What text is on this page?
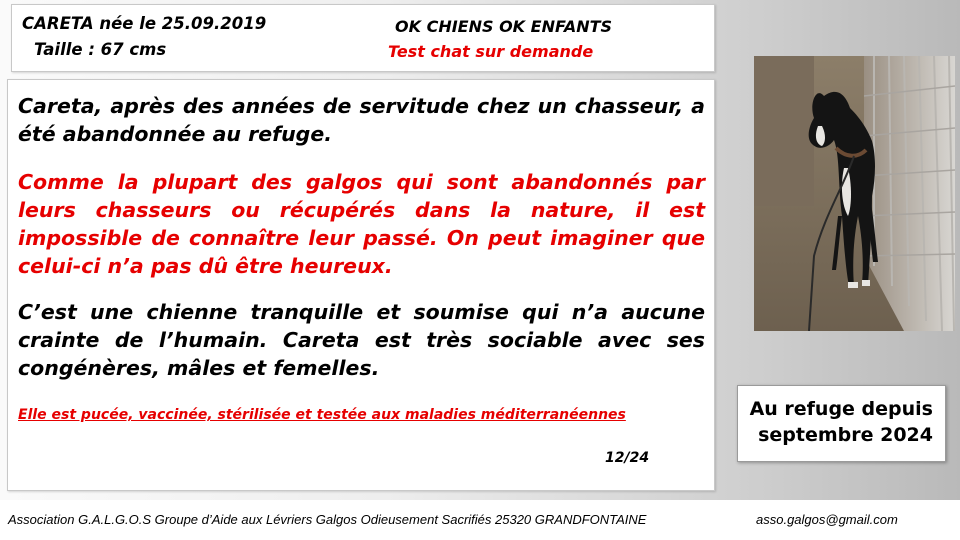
CARETA née le 25.09.2019
Taille : 67 cms
OK CHIENS OK ENFANTS
Test chat sur demande
Careta, après des années de servitude chez un chasseur, a été abandonnée au refuge.
Comme la plupart des galgos qui sont abandonnés par leurs chasseurs ou récupérés dans la nature, il est impossible de connaître leur passé. On peut imaginer que celui-ci n’a pas dû être heureux.
C’est une chienne tranquille et soumise qui n’a aucune crainte de l’humain. Careta est très sociable avec ses congénères, mâles et femelles.
Elle est pucée, vaccinée, stérilisée et testée aux maladies méditerranéennes
12/24
Au refuge depuis
septembre 2024
Association G.A.L.G.O.S Groupe d’Aide aux Lévriers Galgos Odieusement Sacrifiés 25320 GRANDFONTAINE	asso.galgos@gmail.com
